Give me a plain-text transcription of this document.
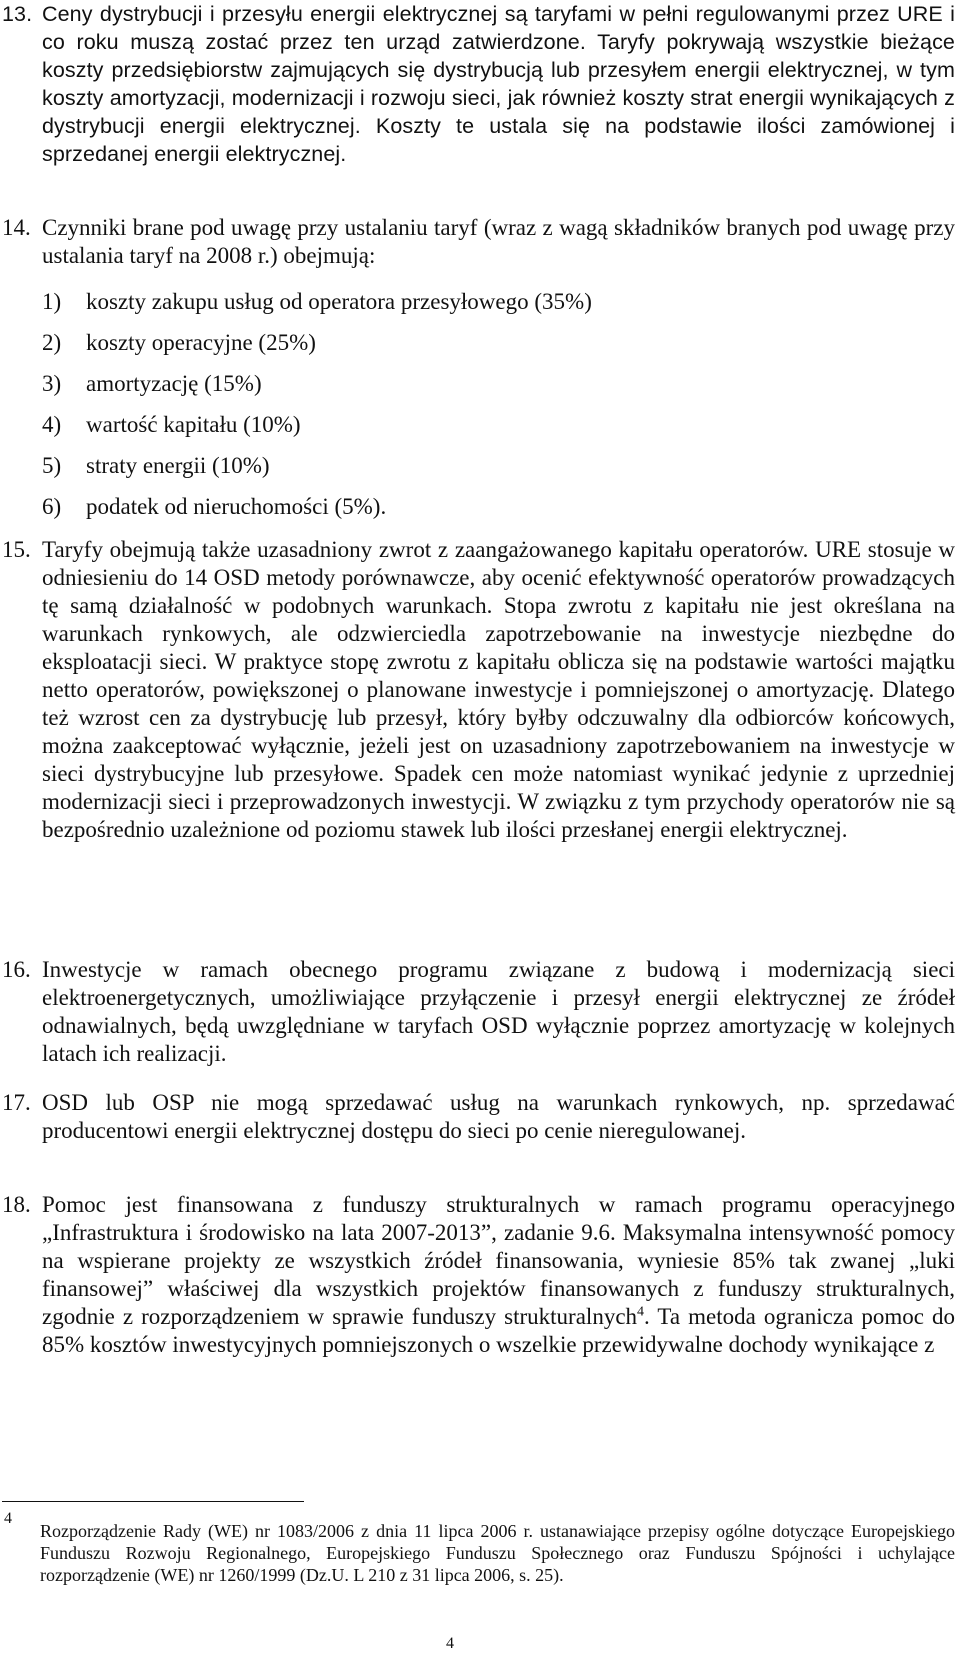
13. Ceny dystrybucji i przesyłu energii elektrycznej są taryfami w pełni regulowanymi przez URE i co roku muszą zostać przez ten urząd zatwierdzone. Taryfy pokrywają wszystkie bieżące koszty przedsiębiorstw zajmujących się dystrybucją lub przesyłem energii elektrycznej, w tym koszty amortyzacji, modernizacji i rozwoju sieci, jak również koszty strat energii wynikających z dystrybucji energii elektrycznej. Koszty te ustala się na podstawie ilości zamówionej i sprzedanej energii elektrycznej.
14. Czynniki brane pod uwagę przy ustalaniu taryf (wraz z wagą składników branych pod uwagę przy ustalania taryf na 2008 r.) obejmują:
1) koszty zakupu usług od operatora przesyłowego (35%)
2) koszty operacyjne (25%)
3) amortyzację (15%)
4) wartość kapitału (10%)
5) straty energii (10%)
6) podatek od nieruchomości (5%).
15. Taryfy obejmują także uzasadniony zwrot z zaangażowanego kapitału operatorów. URE stosuje w odniesieniu do 14 OSD metody porównawcze, aby ocenić efektywność operatorów prowadzących tę samą działalność w podobnych warunkach. Stopa zwrotu z kapitału nie jest określana na warunkach rynkowych, ale odzwierciedla zapotrzebowanie na inwestycje niezbędne do eksploatacji sieci. W praktyce stopę zwrotu z kapitału oblicza się na podstawie wartości majątku netto operatorów, powiększonej o planowane inwestycje i pomniejszonej o amortyzację. Dlatego też wzrost cen za dystrybucję lub przesył, który byłby odczuwalny dla odbiorców końcowych, można zaakceptować wyłącznie, jeżeli jest on uzasadniony zapotrzebowaniem na inwestycje w sieci dystrybucyjne lub przesyłowe. Spadek cen może natomiast wynikać jedynie z uprzedniej modernizacji sieci i przeprowadzonych inwestycji. W związku z tym przychody operatorów nie są bezpośrednio uzależnione od poziomu stawek lub ilości przesłanej energii elektrycznej.
16. Inwestycje w ramach obecnego programu związane z budową i modernizacją sieci elektroenergetycznych, umożliwiające przyłączenie i przesył energii elektrycznej ze źródeł odnawialnych, będą uwzględniane w taryfach OSD wyłącznie poprzez amortyzację w kolejnych latach ich realizacji.
17. OSD lub OSP nie mogą sprzedawać usług na warunkach rynkowych, np. sprzedawać producentowi energii elektrycznej dostępu do sieci po cenie nieregulowanej.
18. Pomoc jest finansowana z funduszy strukturalnych w ramach programu operacyjnego „Infrastruktura i środowisko na lata 2007-2013”, zadanie 9.6. Maksymalna intensywność pomocy na wspierane projekty ze wszystkich źródeł finansowania, wyniesie 85% tak zwanej „luki finansowej” właściwej dla wszystkich projektów finansowanych z funduszy strukturalnych, zgodnie z rozporządzeniem w sprawie funduszy strukturalnych$^4$. Ta metoda ogranicza pomoc do 85% kosztów inwestycyjnych pomniejszonych o wszelkie przewidywalne dochody wynikające z
4
Rozporządzenie Rady (WE) nr 1083/2006 z dnia 11 lipca 2006 r. ustanawiające przepisy ogólne dotyczące Europejskiego Funduszu Rozwoju Regionalnego, Europejskiego Funduszu Społecznego oraz Funduszu Spójności i uchylające rozporządzenie (WE) nr 1260/1999 (Dz.U. L 210 z 31 lipca 2006, s. 25).
4
